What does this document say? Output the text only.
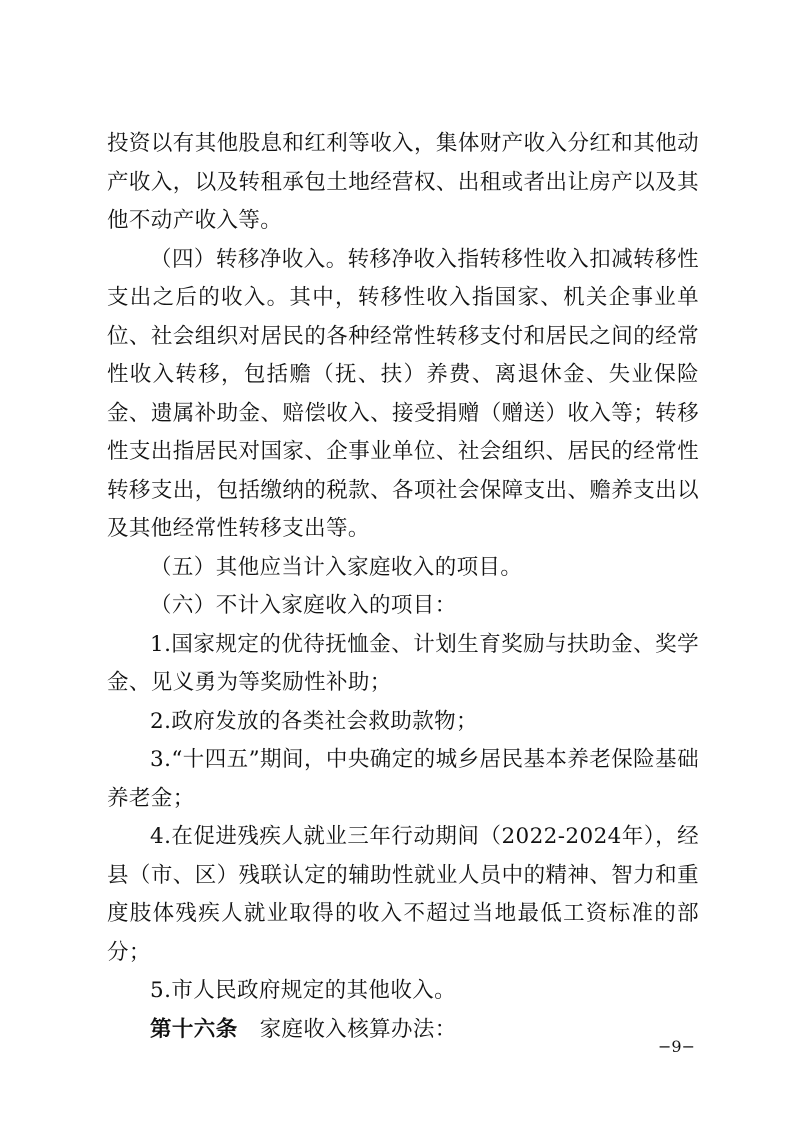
投资以有其他股息和红利等收入，集体财产收入分红和其他动产收入，以及转租承包土地经营权、出租或者出让房产以及其他不动产收入等。

（四）转移净收入。转移净收入指转移性收入扣减转移性支出之后的收入。其中，转移性收入指国家、机关企事业单位、社会组织对居民的各种经常性转移支付和居民之间的经常性收入转移，包括赡（抚、扶）养费、离退休金、失业保险金、遗属补助金、赔偿收入、接受捐赠（赠送）收入等；转移性支出指居民对国家、企事业单位、社会组织、居民的经常性转移支出，包括缴纳的税款、各项社会保障支出、赡养支出以及其他经常性转移支出等。

（五）其他应当计入家庭收入的项目。

（六）不计入家庭收入的项目：

1.国家规定的优待抚恤金、计划生育奖励与扶助金、奖学金、见义勇为等奖励性补助；

2.政府发放的各类社会救助款物；

3.“十四五”期间，中央确定的城乡居民基本养老保险基础养老金；

4.在促进残疾人就业三年行动期间（2022-2024年），经县（市、区）残联认定的辅助性就业人员中的精神、智力和重度肢体残疾人就业取得的收入不超过当地最低工资标准的部分；

5.市人民政府规定的其他收入。

第十六条 家庭收入核算办法：

−9−
